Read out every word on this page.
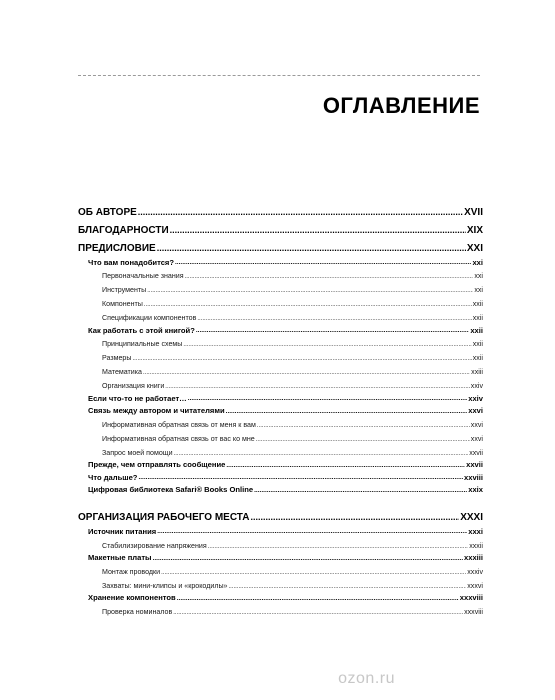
ОГЛАВЛЕНИЕ
ОБ АВТОРЕ .....	XVII
БЛАГОДАРНОСТИ .....	XIX
ПРЕДИСЛОВИЕ .....	XXI
Что вам понадобится? .....	xxi
Первоначальные знания .....	xxi
Инструменты .....	xxi
Компоненты .....	xxii
Спецификации компонентов .....	xxii
Как работать с этой книгой? .....	xxii
Принципиальные схемы .....	xxii
Размеры .....	xxii
Математика .....	xxiii
Организация книги .....	xxiv
Если что-то не работает… .....	xxiv
Связь между автором и читателями .....	xxvi
Информативная обратная связь от меня к вам .....	xxvi
Информативная обратная связь от вас ко мне .....	xxvi
Запрос моей помощи .....	xxvii
Прежде, чем отправлять сообщение .....	xxvii
Что дальше? .....	xxviii
Цифровая библиотека Safari® Books Online .....	xxix
ОРГАНИЗАЦИЯ РАБОЧЕГО МЕСТА .....	XXXI
Источник питания .....	xxxi
Стабилизирование напряжения .....	xxxii
Макетные платы .....	xxxiii
Монтаж проводки .....	xxxiv
Захваты: мини-клипсы и «крокодилы» .....	xxxvi
Хранение компонентов .....	xxxviii
Проверка номиналов .....	xxxviii
ozon.ru
